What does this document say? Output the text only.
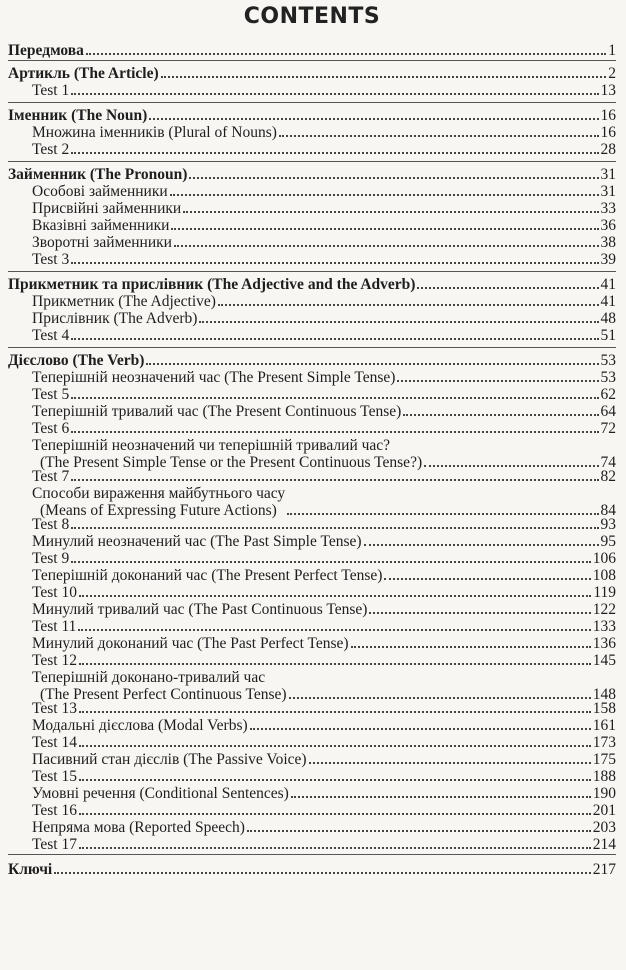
CONTENTS
Передмова	1
Артикль (The Article)	2
Test 1	13
Іменник (The Noun)	16
Множина іменників (Plural of Nouns)	16
Test 2	28
Займенник (The Pronoun)	31
Особові займенники	31
Присвійні займенники	33
Вказівні займенники	36
Зворотні займенники	38
Test 3	39
Прикметник та прислівник (The Adjective and the Adverb)	41
Прикметник (The Adjective)	41
Прислівник (The Adverb)	48
Test 4	51
Дієслово (The Verb)	53
Теперішній неозначений час (The Present Simple Tense)	53
Test 5	62
Теперішній тривалий час (The Present Continuous Tense)	64
Test 6	72
Теперішній неозначений чи теперішній тривалий час?
(The Present Simple Tense or the Present Continuous Tense?)	74
Test 7	82
Способи вираження майбутнього часу
(Means of Expressing Future Actions)	84
Test 8	93
Минулий неозначений час (The Past Simple Tense)	95
Test 9	106
Теперішній доконаний час (The Present Perfect Tense)	108
Test 10	119
Минулий тривалий час (The Past Continuous Tense)	122
Test 11	133
Минулий доконаний час (The Past Perfect Tense)	136
Test 12	145
Теперішній доконано-тривалий час
(The Present Perfect Continuous Tense)	148
Test 13	158
Модальні дієслова (Modal Verbs)	161
Test 14	173
Пасивний стан дієслів (The Passive Voice)	175
Test 15	188
Умовні речення (Conditional Sentences)	190
Test 16	201
Непряма мова (Reported Speech)	203
Test 17	214
Ключі	217
